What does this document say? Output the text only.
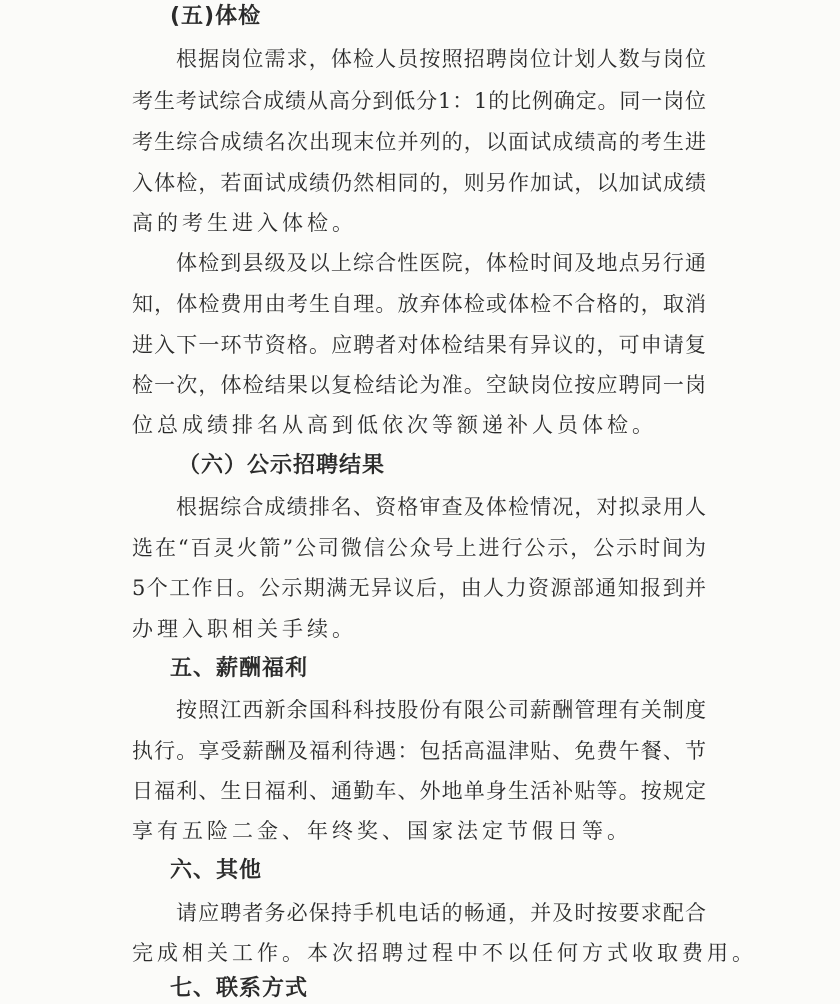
(五)体检
根据岗位需求，体检人员按照招聘岗位计划人数与岗位
考生考试综合成绩从高分到低分1：1的比例确定。同一岗位
考生综合成绩名次出现末位并列的，以面试成绩高的考生进
入体检，若面试成绩仍然相同的，则另作加试，以加试成绩
高的考生进入体检。
体检到县级及以上综合性医院，体检时间及地点另行通
知，体检费用由考生自理。放弃体检或体检不合格的，取消
进入下一环节资格。应聘者对体检结果有异议的，可申请复
检一次，体检结果以复检结论为准。空缺岗位按应聘同一岗
位总成绩排名从高到低依次等额递补人员体检。
（六）公示招聘结果
根据综合成绩排名、资格审查及体检情况，对拟录用人
选在“百灵火箭”公司微信公众号上进行公示，公示时间为
5个工作日。公示期满无异议后，由人力资源部通知报到并
办理入职相关手续。
五、薪酬福利
按照江西新余国科科技股份有限公司薪酬管理有关制度
执行。享受薪酬及福利待遇：包括高温津贴、免费午餐、节
日福利、生日福利、通勤车、外地单身生活补贴等。按规定
享有五险二金、年终奖、国家法定节假日等。
六、其他
请应聘者务必保持手机电话的畅通，并及时按要求配合
完成相关工作。本次招聘过程中不以任何方式收取费用。
七、联系方式
